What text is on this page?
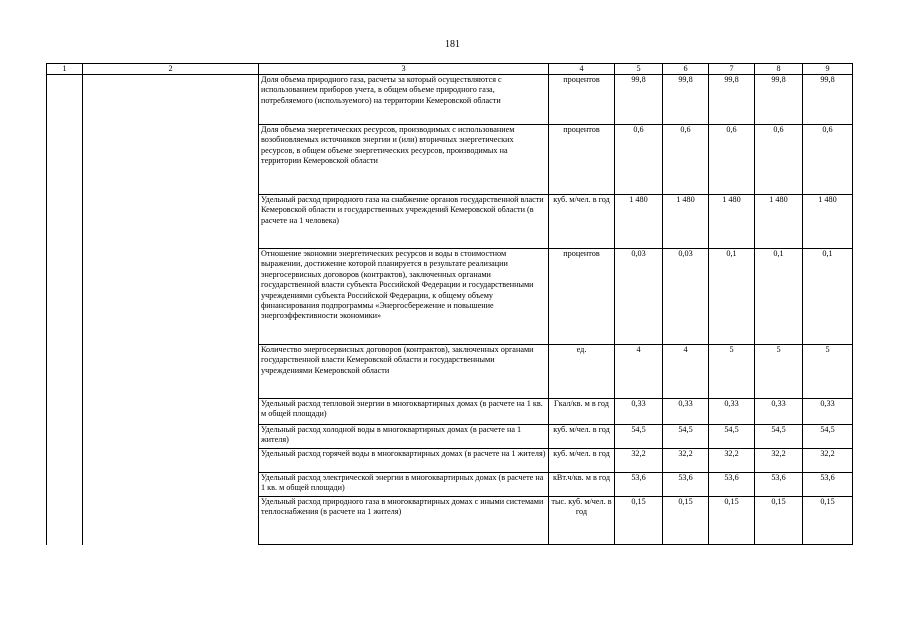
181
1	2	3	4	5	6	7	8	9
		Доля объема природного газа, расчеты за который осуществляются с использованием приборов учета, в общем объеме природного газа, потребляемого (используемого) на территории Кемеровской области	процентов	99,8	99,8	99,8	99,8	99,8
		Доля объема энергетических ресурсов, производимых с использованием возобновляемых источников энергии и (или) вторичных энергетических ресурсов, в общем объеме энергетических ресурсов, производимых на территории Кемеровской области	процентов	0,6	0,6	0,6	0,6	0,6
		Удельный расход природного газа на снабжение органов государственной власти Кемеровской области и государственных учреждений Кемеровской области (в расчете на 1 человека)	куб. м/чел. в год	1 480	1 480	1 480	1 480	1 480
		Отношение экономии энергетических ресурсов и воды в стоимостном выражении, достижение которой планируется в результате реализации энергосервисных договоров (контрактов), заключенных органами государственной власти субъекта Российской Федерации и государственными учреждениями субъекта Российской Федерации, к общему объему финансирования подпрограммы «Энергосбережение и повышение энергоэффективности экономики»	процентов	0,03	0,03	0,1	0,1	0,1
		Количество энергосервисных договоров (контрактов), заключенных органами государственной власти Кемеровской области и государственными учреждениями Кемеровской области	ед.	4	4	5	5	5
		Удельный расход тепловой энергии в многоквартирных домах (в расчете на 1 кв. м общей площади)	Гкал/кв. м в год	0,33	0,33	0,33	0,33	0,33
		Удельный расход холодной воды в многоквартирных домах (в расчете на 1 жителя)	куб. м/чел. в год	54,5	54,5	54,5	54,5	54,5
		Удельный расход горячей воды в многоквартирных домах (в расчете на 1 жителя)	куб. м/чел. в год	32,2	32,2	32,2	32,2	32,2
		Удельный расход электрической энергии в многоквартирных домах (в расчете на 1 кв. м общей площади)	кВт.ч/кв. м в год	53,6	53,6	53,6	53,6	53,6
		Удельный расход природного газа в многоквартирных домах с иными системами теплоснабжения (в расчете на 1 жителя)	тыс. куб. м/чел. в год	0,15	0,15	0,15	0,15	0,15
